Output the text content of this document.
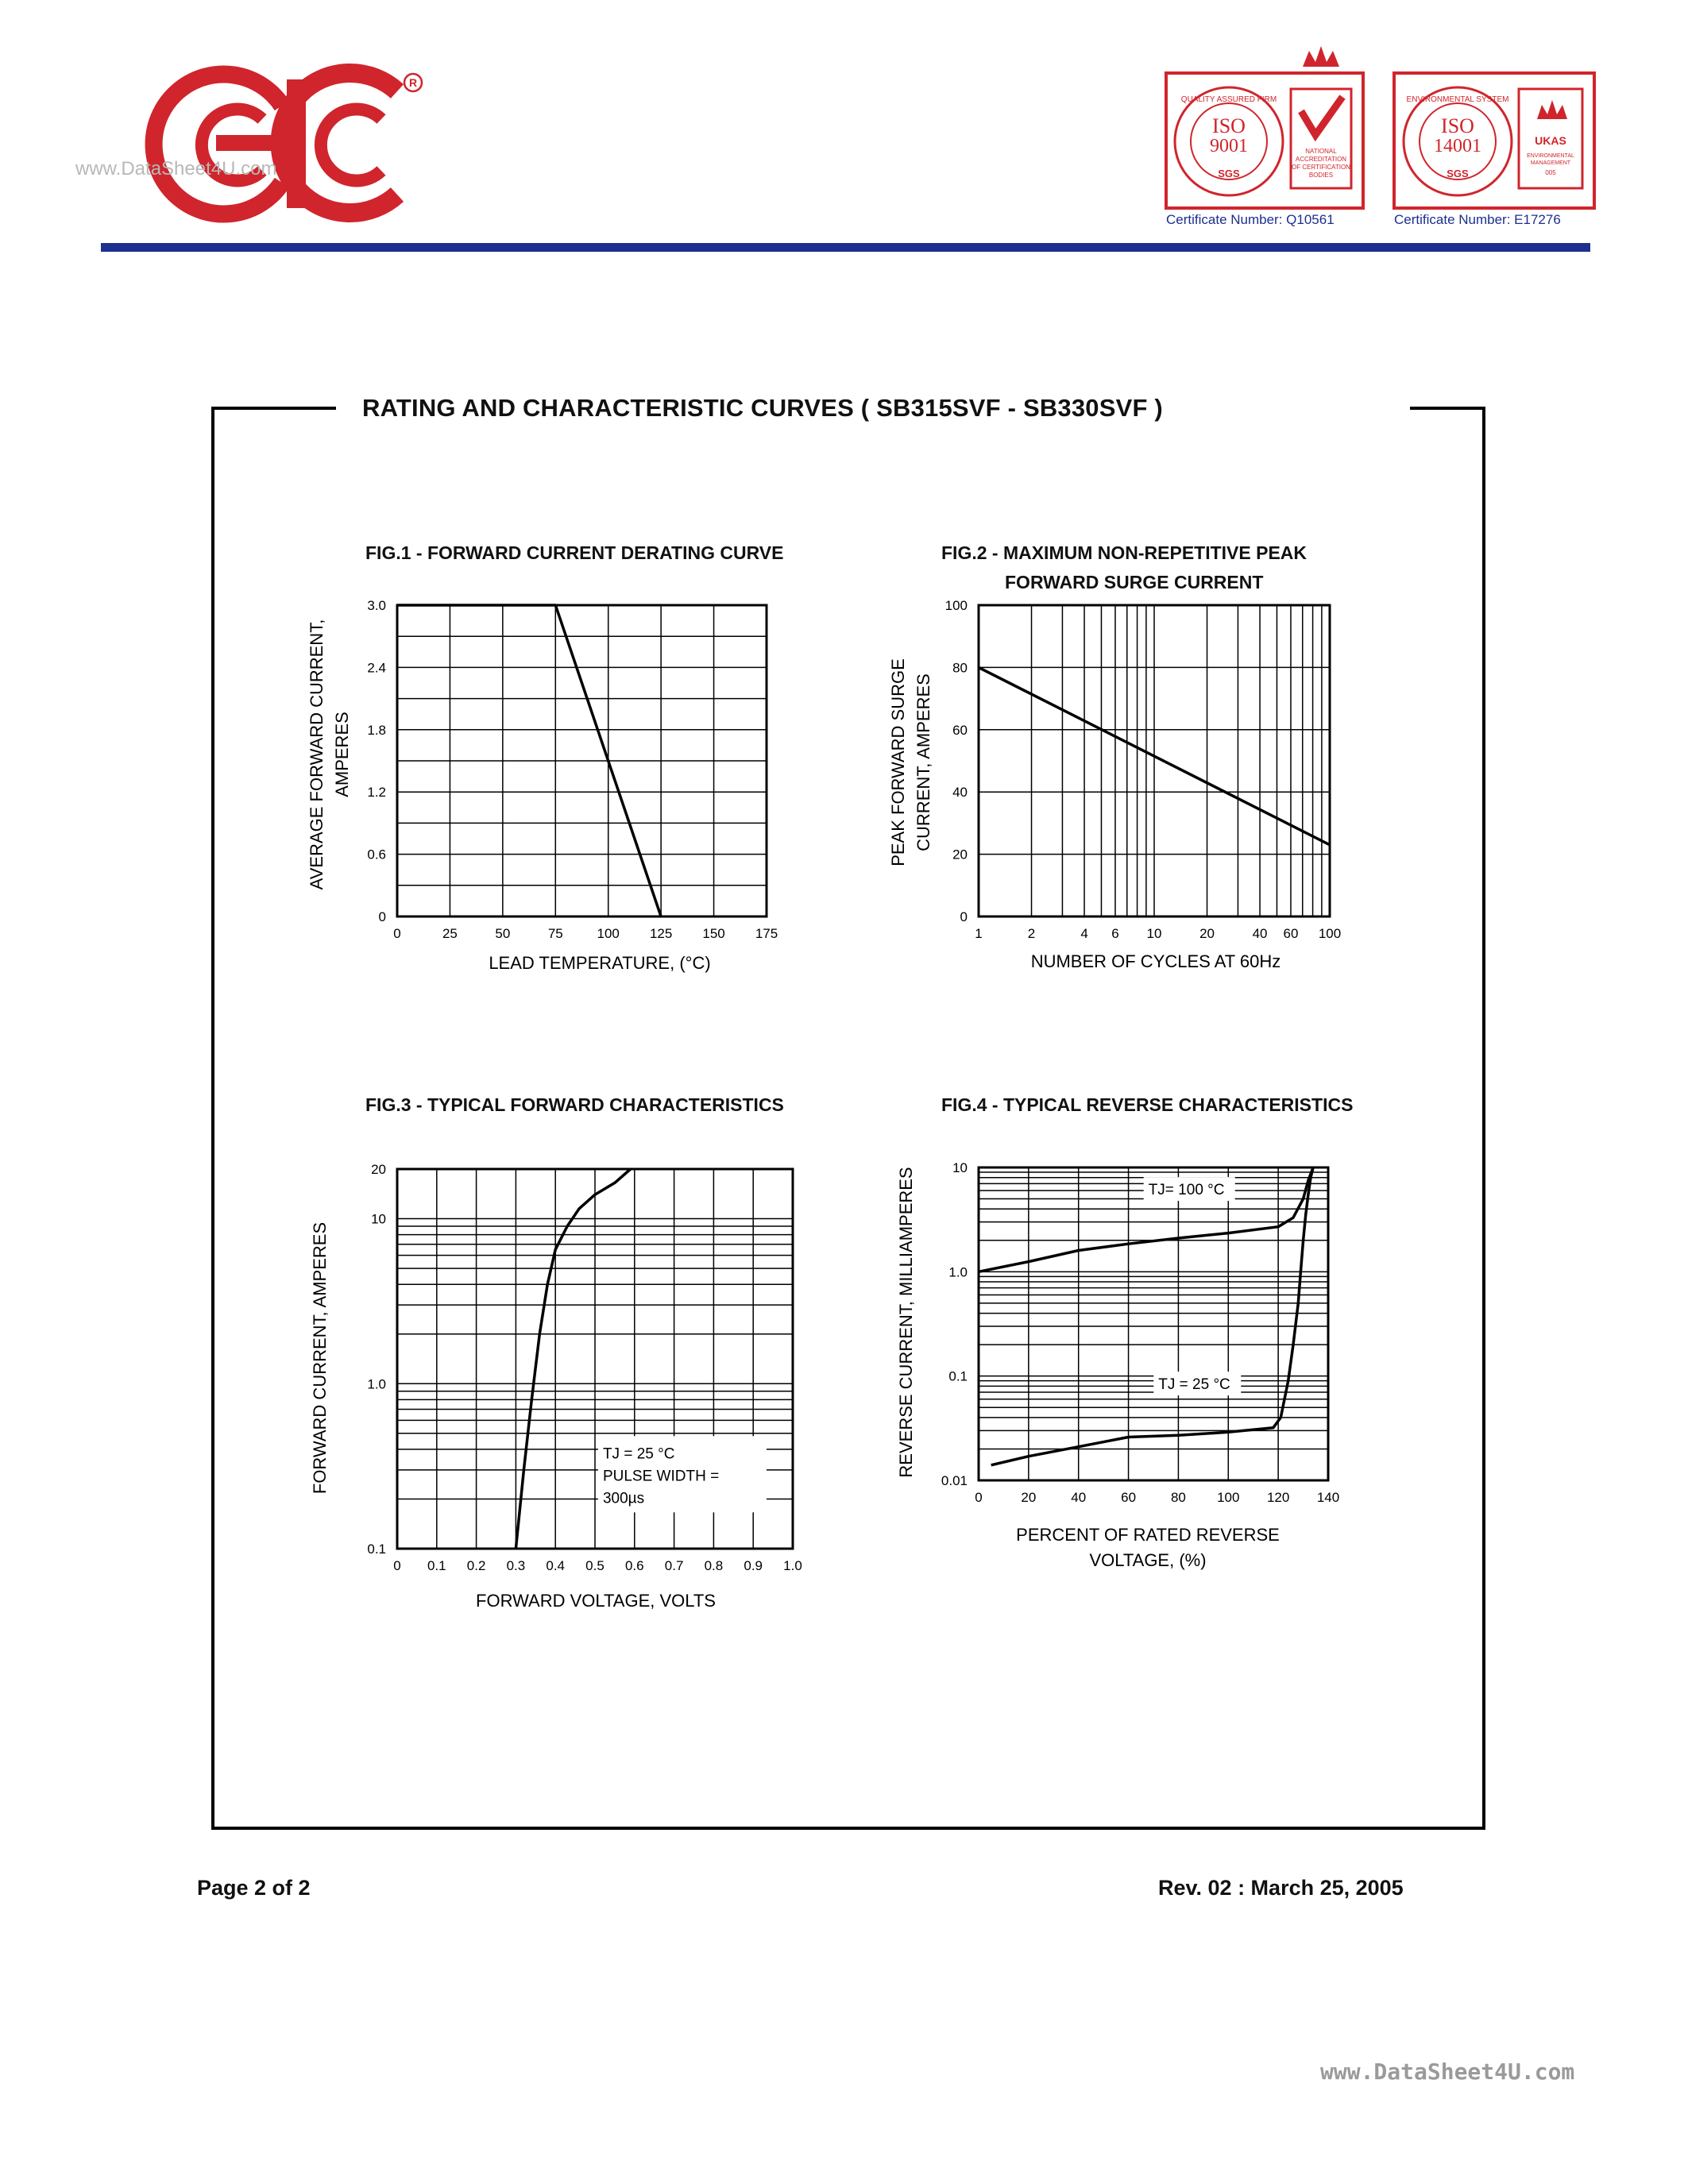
R
www.DataSheet4U.com
ISO
9001
SGS
NATIONAL
ACCREDITATION
OF CERTIFICATION
BODIES
QUALITY ASSURED FIRM
Certificate Number: Q10561
ISO
14001
SGS
UKAS
ENVIRONMENTAL
MANAGEMENT
005
ENVIRONMENTAL SYSTEM
Certificate Number: E17276
RATING AND CHARACTERISTIC CURVES ( SB315SVF - SB330SVF )
FIG.1 - FORWARD CURRENT DERATING CURVE
0	25	50	75	100 125 150 175
0
0.6
1.2
1.8
2.4
3.0
LEAD TEMPERATURE, (°C)
AVERAGE FORWARD CURRENT, AMPERES
FIG.2 - MAXIMUM NON-REPETITIVE PEAK
FORWARD SURGE CURRENT
1	2	4 6 10	20	40 60 100
0
20
40
60
80
100
NUMBER OF CYCLES AT 60Hz
PEAK FORWARD SURGE CURRENT, AMPERES
FIG.3 - TYPICAL FORWARD CHARACTERISTICS
0 0.1 0.2 0.3 0.4 0.5 0.6 0.7 0.8 0.9 1.0
0.1
1.0
10
20
TJ = 25 °C
PULSE WIDTH =
300µs
FORWARD VOLTAGE, VOLTS
FORWARD CURRENT, AMPERES
FIG.4 - TYPICAL REVERSE CHARACTERISTICS
0	20	40	60	80 100 120 140
0.01
0.1
1.0
10
TJ= 100 °C
TJ = 25 °C
PERCENT OF RATED REVERSE
VOLTAGE, (%)
REVERSE CURRENT, MILLIAMPERES
Page 2 of 2	Rev. 02 : March 25, 2005
www.DataSheet4U.com
